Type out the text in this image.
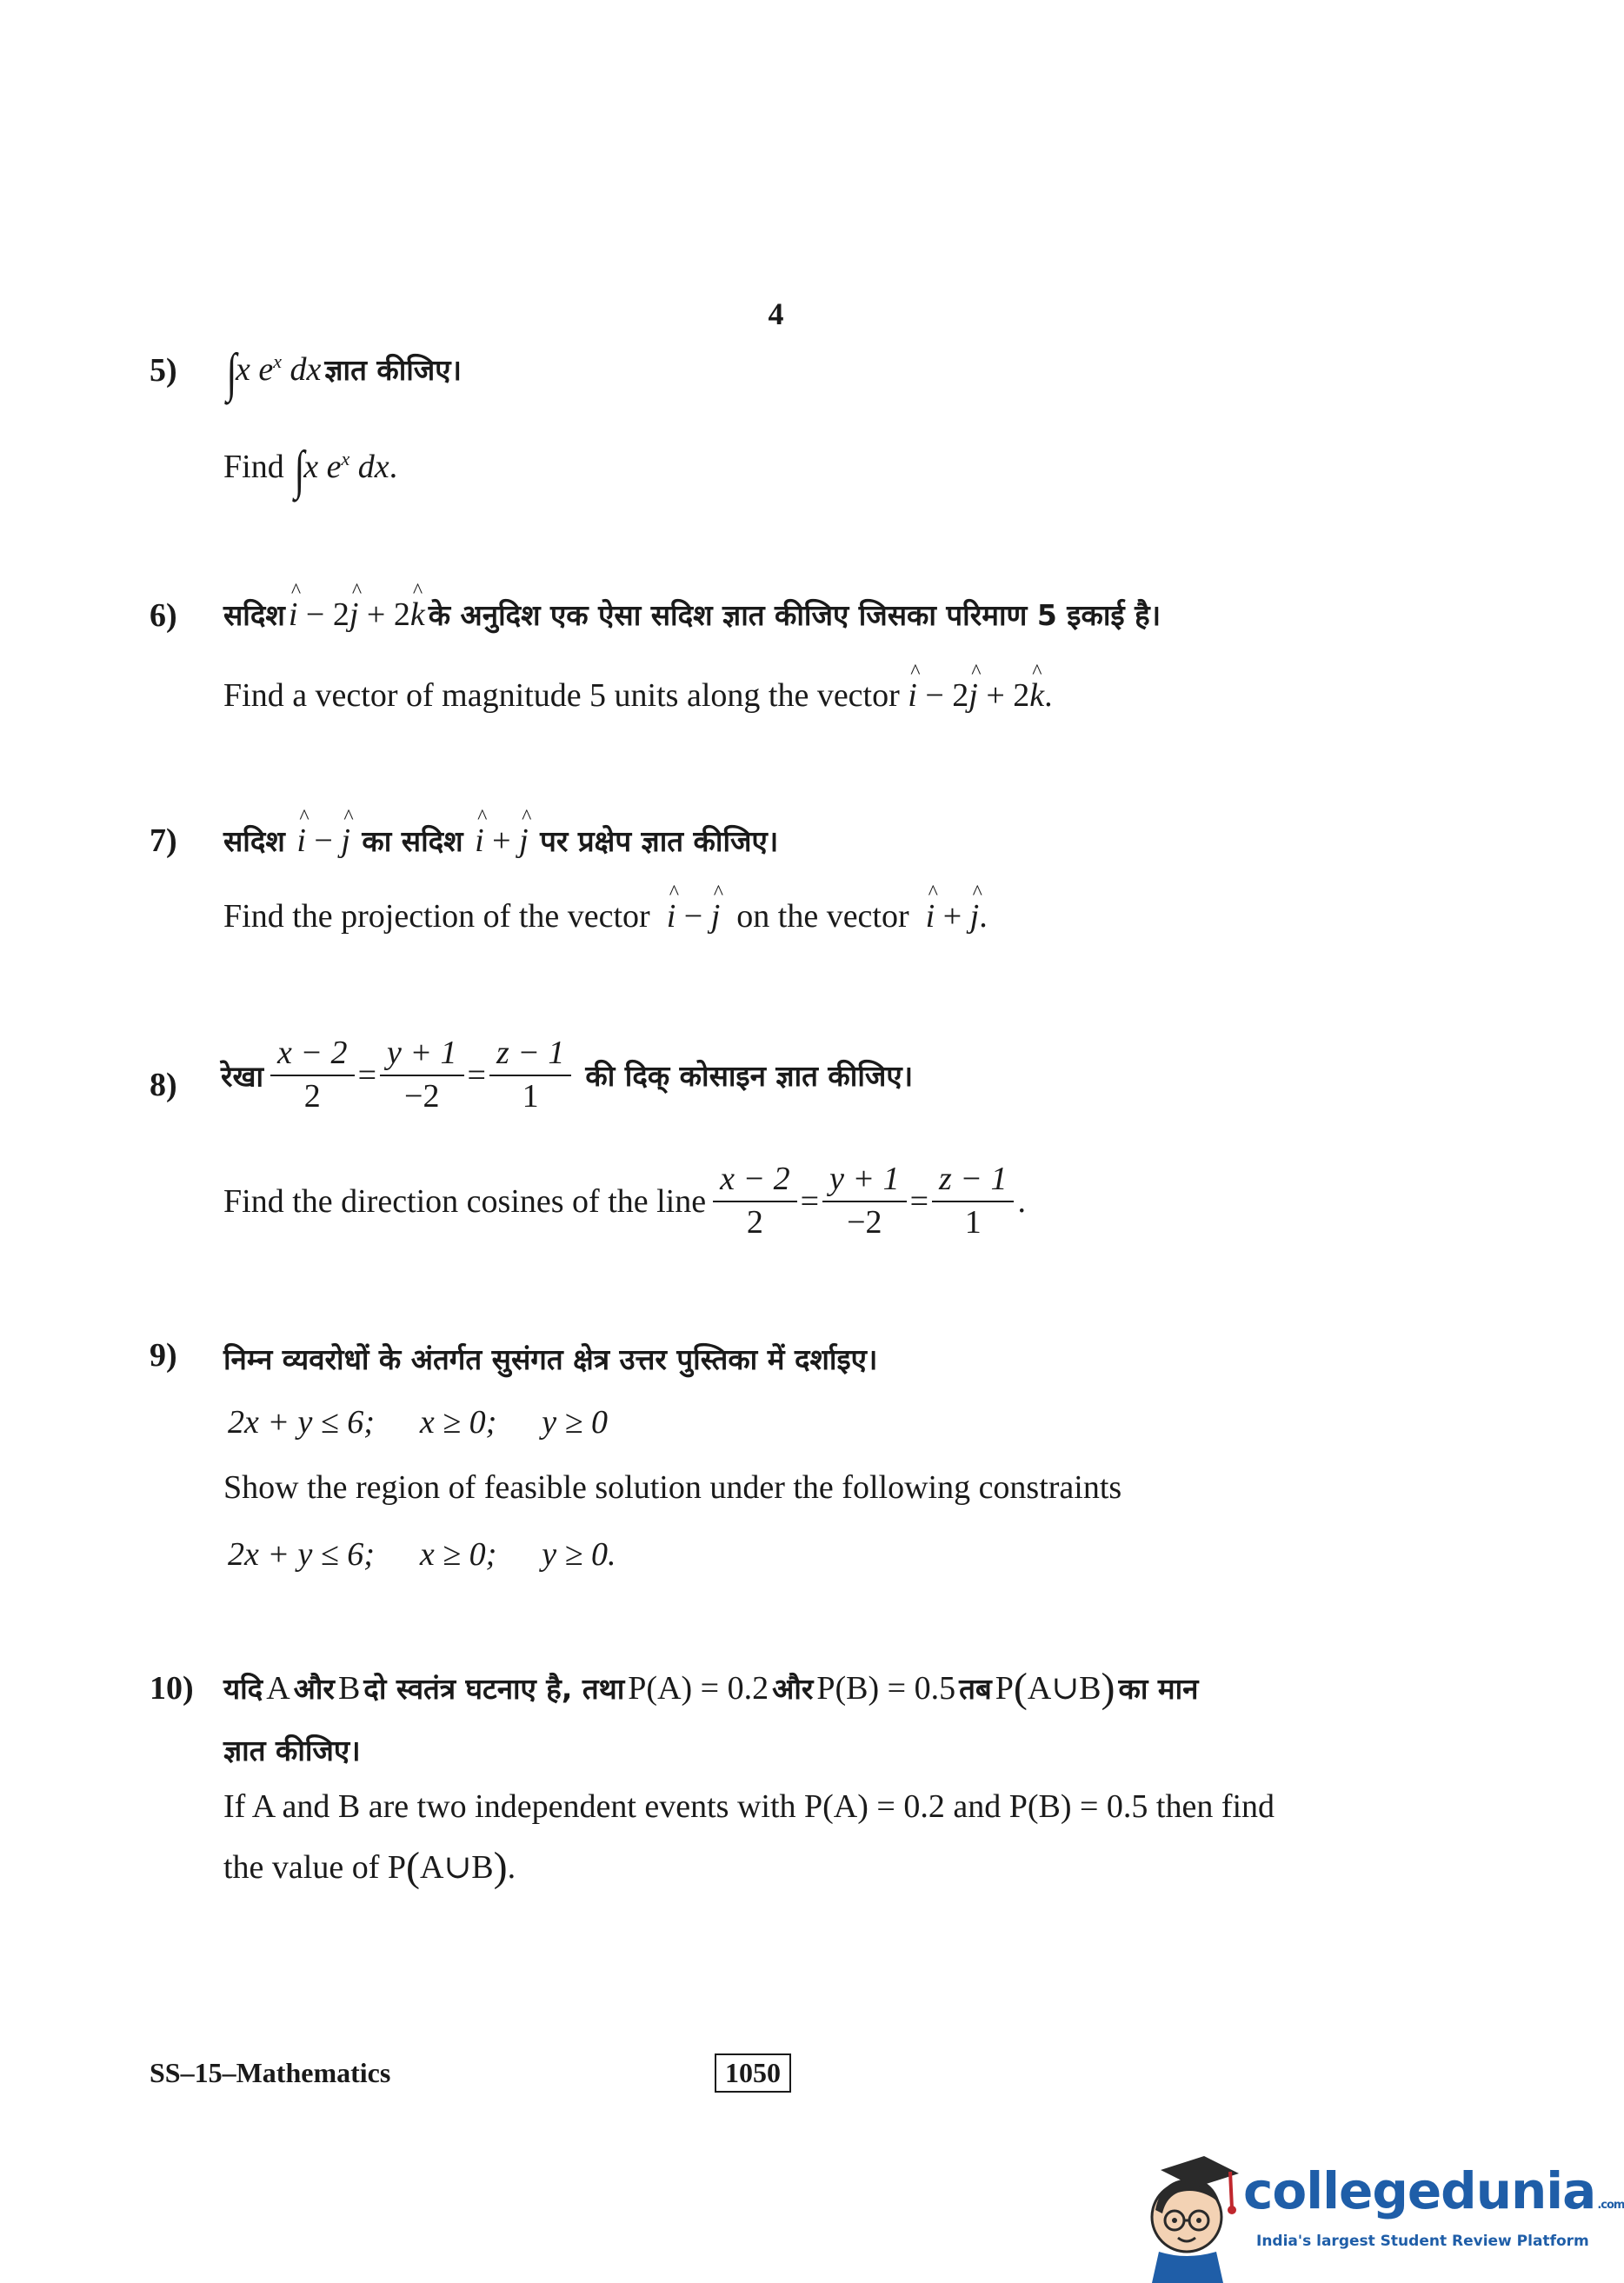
4
5) ∫x $e^x$ dx ज्ञात कीजिए।
Find ∫x $e^x$ dx.
6) सदिश ^ i − 2^ j + 2^ k के अनुदिश एक ऐसा सदिश ज्ञात कीजिए जिसका परिमाण 5 इकाई है।
Find a vector of magnitude 5 units along the vector ^ i − 2^ j + 2^ k.
7) सदिश ^ i − ^ j का सदिश ^ i + ^ j पर प्रक्षेप ज्ञात कीजिए।
Find the projection of the vector ^ i − ^ j on the vector ^ i + ^ j.
8) रेखा $\frac{x - 2}{2} = \frac{y + 1}{-2} = \frac{z - 1}{1}$ की दिक् कोसाइन ज्ञात कीजिए।
Find the direction cosines of the line $\frac{x - 2}{2} = \frac{y + 1}{-2} = \frac{z - 1}{1}$ .
9) निम्न व्यवरोधों के अंतर्गत सुसंगत क्षेत्र उत्तर पुस्तिका में दर्शाइए।
2x + y ≤ 6; x ≥ 0; y ≥ 0
Show the region of feasible solution under the following constraints
2x + y ≤ 6; x ≥ 0; y ≥ 0.
10) यदि A और B दो स्वतंत्र घटनाए है, तथा P(A) = 0.2 और P(B) = 0.5 तब P(A∪B) का मान
ज्ञात कीजिए।
If A and B are two independent events with P(A) = 0.2 and P(B) = 0.5 then find
the value of P(A∪B).
SS–15–Mathematics	1050
collegedunia .com
India's largest Student Review Platform
